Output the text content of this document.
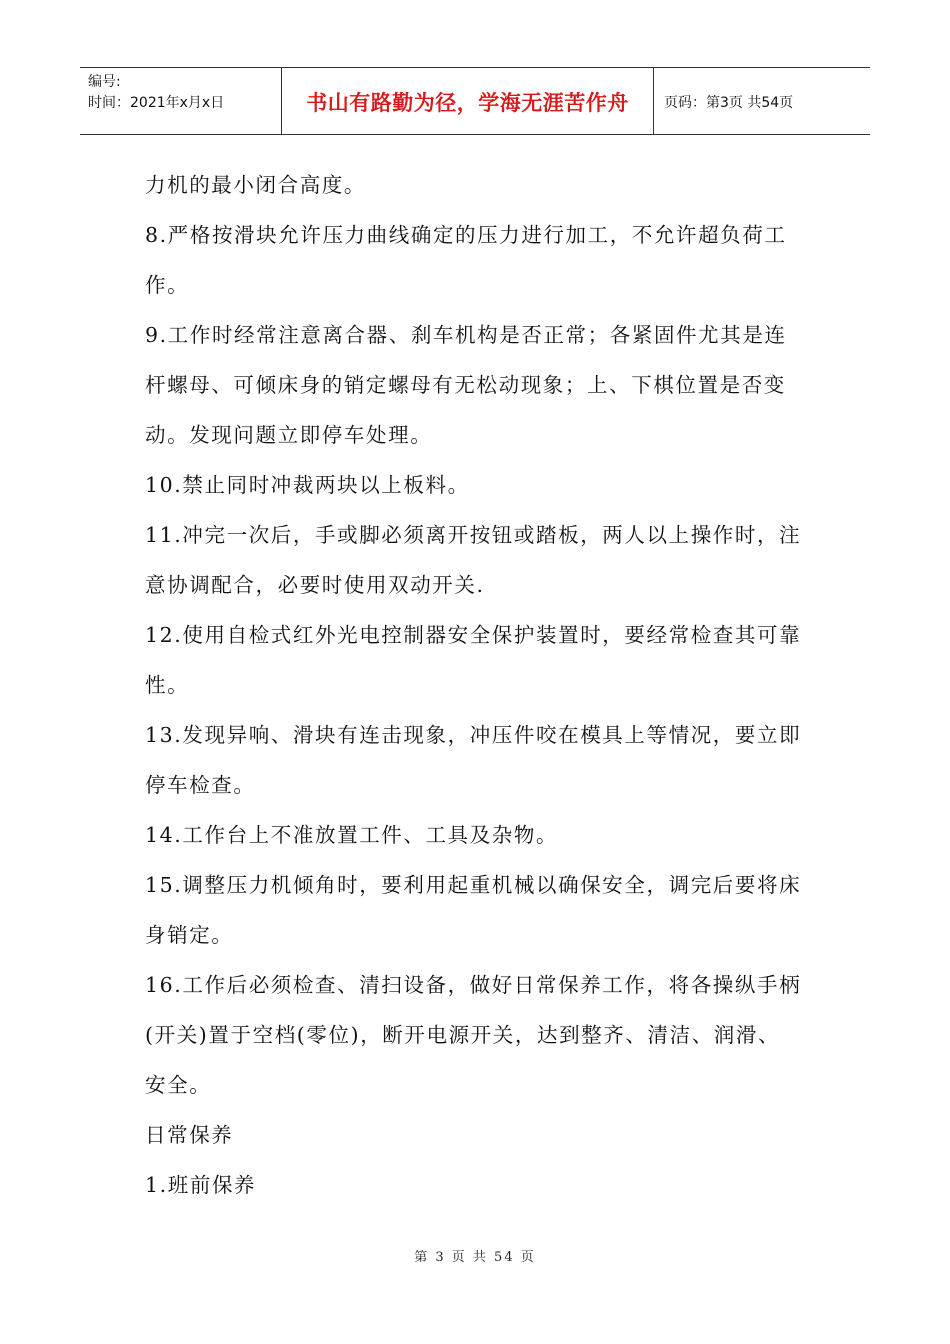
编号:
时间：2021年x月x日	书山有路勤为径，学海无涯苦作舟	页码：第3页 共54页

力机的最小闭合高度。

8.严格按滑块允许压力曲线确定的压力进行加工，不允许超负荷工

作。

9.工作时经常注意离合器、刹车机构是否正常；各紧固件尤其是连

杆螺母、可倾床身的销定螺母有无松动现象；上、下棋位置是否变

动。发现问题立即停车处理。

10.禁止同时冲裁两块以上板料。

11.冲完一次后，手或脚必须离开按钮或踏板，两人以上操作时，注

意协调配合，必要时使用双动开关.

12.使用自检式红外光电控制器安全保护装置时，要经常检查其可靠

性。

13.发现异响、滑块有连击现象，冲压件咬在模具上等情况，要立即

停车检查。

14.工作台上不准放置工件、工具及杂物。

15.调整压力机倾角时，要利用起重机械以确保安全，调完后要将床

身销定。

16.工作后必须检查、清扫设备，做好日常保养工作，将各操纵手柄

(开关)置于空档(零位)，断开电源开关，达到整齐、清洁、润滑、

安全。

日常保养

1.班前保养

第 3 页 共 54 页
